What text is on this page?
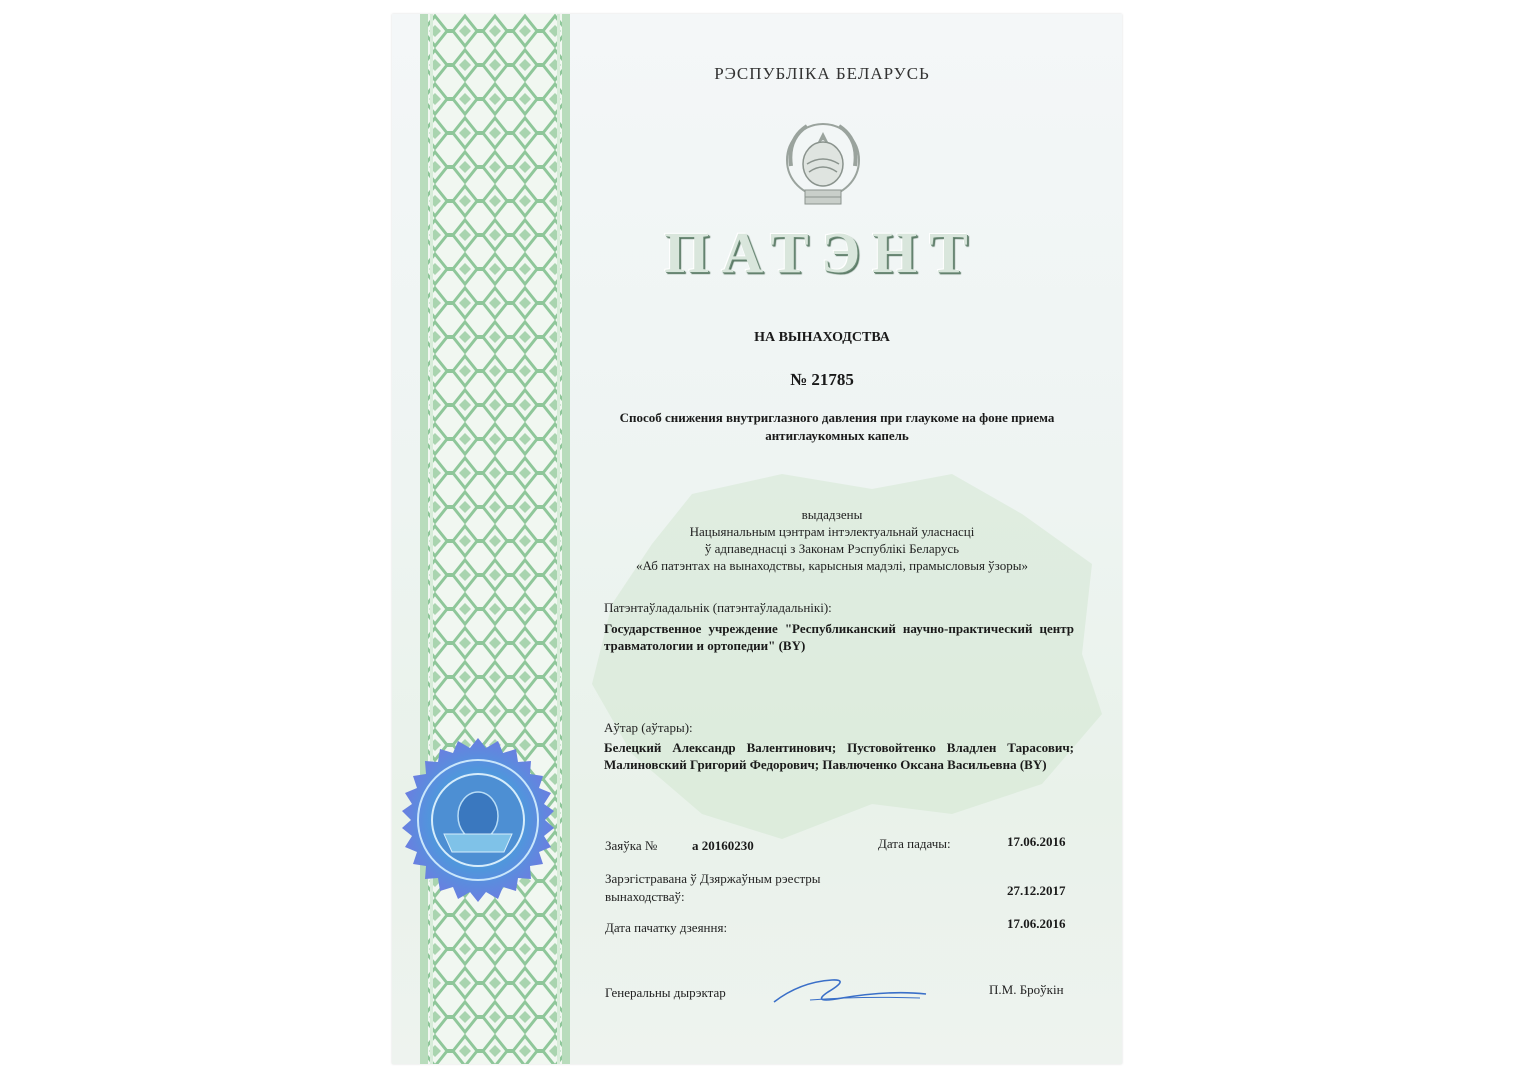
РЭСПУБЛІКА БЕЛАРУСЬ
ПАТЭНТ
НА ВЫНАХОДСТВА
№ 21785
Способ снижения внутриглазного давления при глаукоме на фоне приема антиглаукомных капель
выдадзены
Нацыянальным цэнтрам інтэлектуальнай уласнасці
ў адпаведнасці з Законам Рэспублікі Беларусь
«Аб патэнтах на вынаходствы, карысныя мадэлі, прамысловыя ўзоры»
Патэнтаўладальнік (патэнтаўладальнікі):
Государственное учреждение "Республиканский научно-практический центр травматологии и ортопедии" (BY)
Аўтар (аўтары):
Белецкий Александр Валентинович; Пустовойтенко Владлен Тарасович; Малиновский Григорий Федорович; Павлюченко Оксана Васильевна (BY)
Заяўка №	а 20160230	Дата падачы:	17.06.2016
Зарэгістравана ў Дзяржаўным рэестры
вынаходстваў:	27.12.2017
Дата пачатку дзеяння:	17.06.2016
Генеральны дырэктар	П.М. Броўкін
